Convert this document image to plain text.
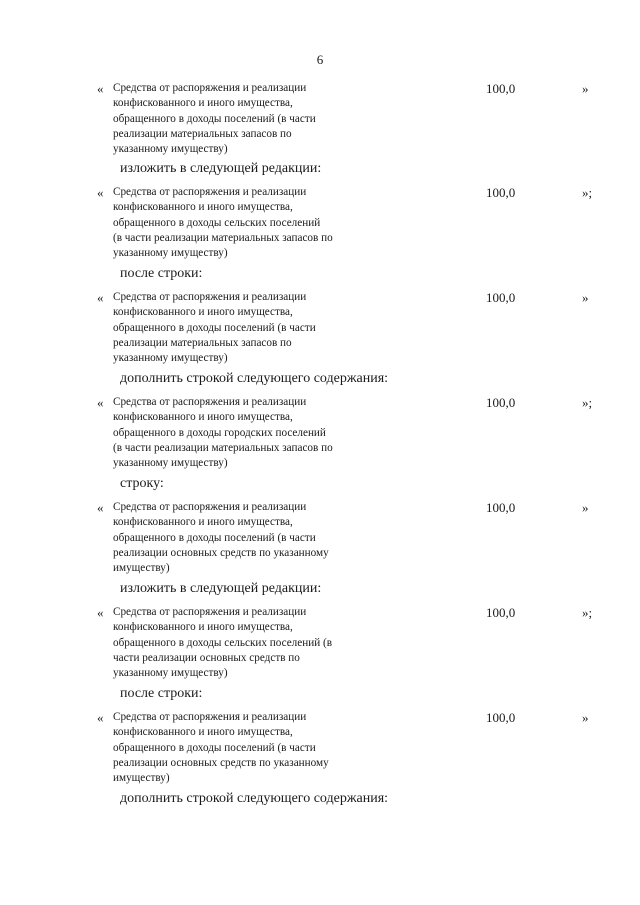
6
« Средства от распоряжения и реализации
конфискованного и иного имущества,
обращенного в доходы поселений (в части
реализации материальных запасов по
указанному имуществу)
100,0	»
изложить в следующей редакции:
« Средства от распоряжения и реализации
конфискованного и иного имущества,
обращенного в доходы сельских поселений
(в части реализации материальных запасов по
указанному имуществу)
100,0	»;
после строки:
« Средства от распоряжения и реализации
конфискованного и иного имущества,
обращенного в доходы поселений (в части
реализации материальных запасов по
указанному имуществу)
100,0	»
дополнить строкой следующего содержания:
« Средства от распоряжения и реализации
конфискованного и иного имущества,
обращенного в доходы городских поселений
(в части реализации материальных запасов по
указанному имуществу)
100,0	»;
строку:
« Средства от распоряжения и реализации
конфискованного и иного имущества,
обращенного в доходы поселений (в части
реализации основных средств по указанному
имуществу)
100,0	»
изложить в следующей редакции:
« Средства от распоряжения и реализации
конфискованного и иного имущества,
обращенного в доходы сельских поселений (в
части реализации основных средств по
указанному имуществу)
100,0	»;
после строки:
« Средства от распоряжения и реализации
конфискованного и иного имущества,
обращенного в доходы поселений (в части
реализации основных средств по указанному
имуществу)
100,0	»
дополнить строкой следующего содержания:
